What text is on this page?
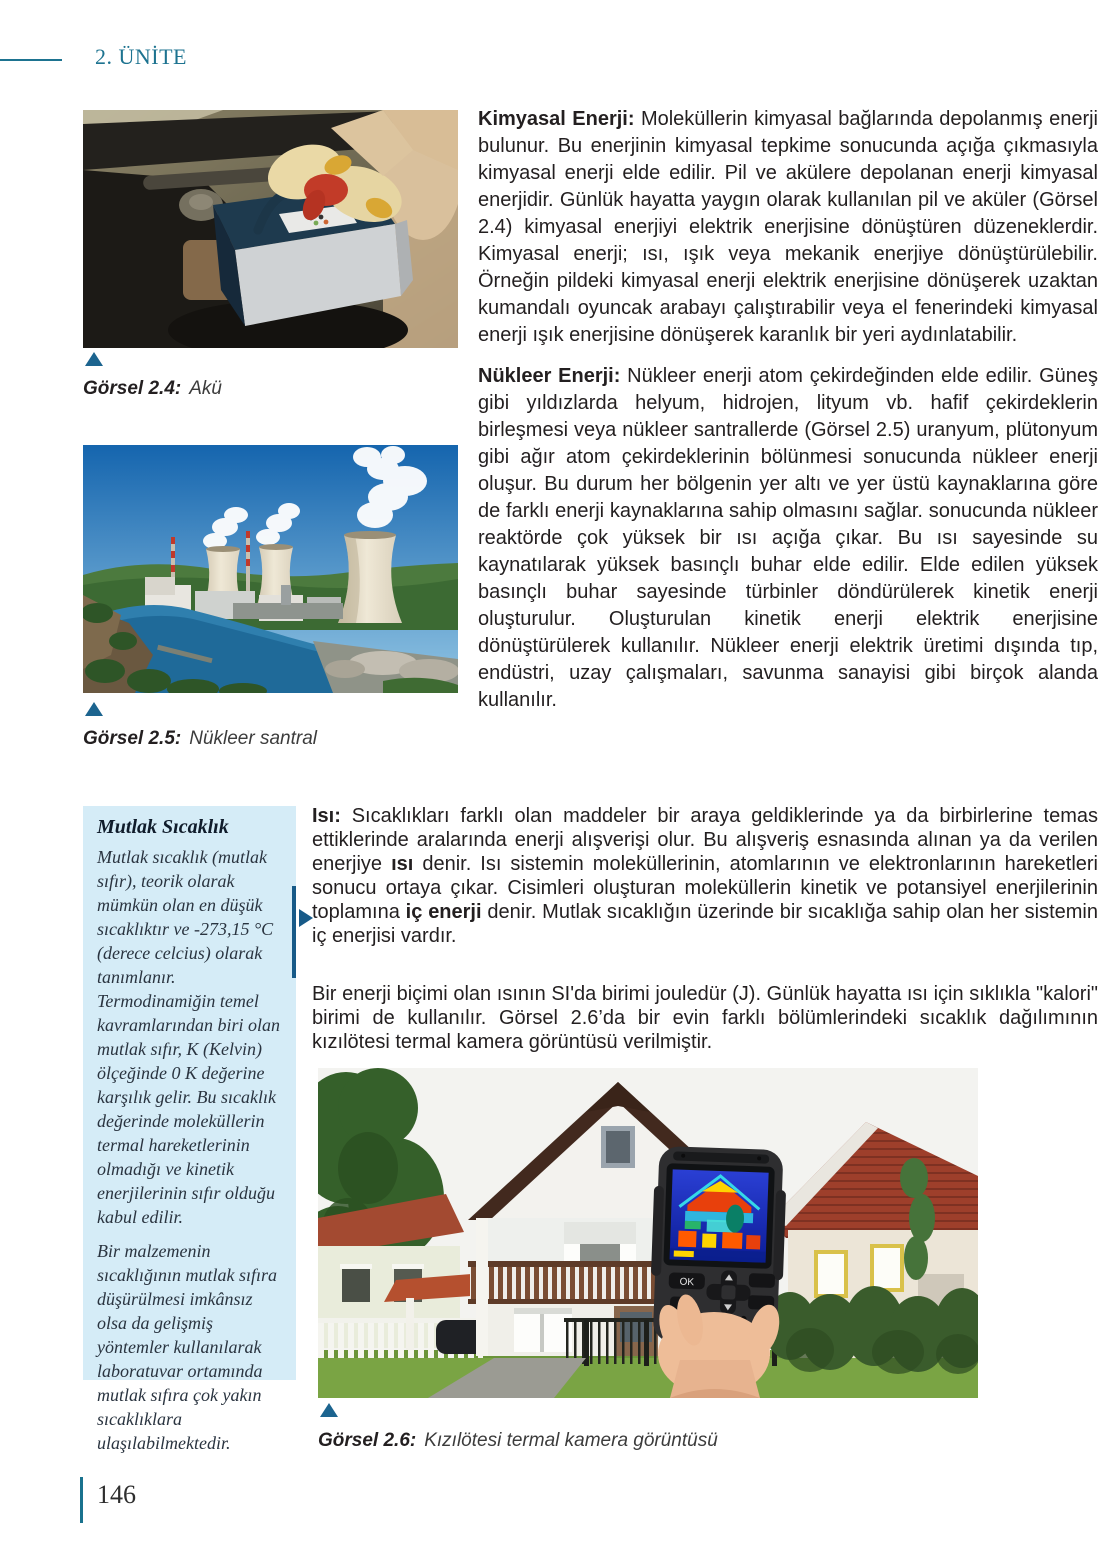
2. ÜNİTE
Görsel 2.4: Akü
Görsel 2.5: Nükleer santral

Kimyasal Enerji: Moleküllerin kimyasal bağlarında depolanmış enerji bulunur. Bu enerjinin kimyasal tepkime sonucunda açığa çıkmasıyla kimyasal enerji elde edilir. Pil ve akülere depolanan enerji kimyasal enerjidir. Günlük hayatta yaygın olarak kullanılan pil ve aküler (Görsel 2.4) kimyasal enerjiyi elektrik enerjisine dönüştüren düzeneklerdir. Kimyasal enerji; ısı, ışık veya mekanik enerjiye dönüştürülebilir. Örneğin pildeki kimyasal enerji elektrik enerjisine dönüşerek uzaktan kumandalı oyuncak arabayı çalıştırabilir veya el fenerindeki kimyasal enerji ışık enerjisine dönüşerek karanlık bir yeri aydınlatabilir.

Nükleer Enerji: Nükleer enerji atom çekirdeğinden elde edilir. Güneş gibi yıldızlarda helyum, hidrojen, lityum vb. hafif çekirdeklerin birleşmesi veya nükleer santrallerde (Görsel 2.5) uranyum, plütonyum gibi ağır atom çekirdeklerinin bölünmesi sonucunda nükleer enerji oluşur. Bu durum her bölgenin yer altı ve yer üstü kaynaklarına göre de farklı enerji kaynaklarına sahip olmasını sağlar. sonucunda nükleer reaktörde çok yüksek bir ısı açığa çıkar. Bu ısı sayesinde su kaynatılarak yüksek basınçlı buhar elde edilir. Elde edilen yüksek basınçlı buhar sayesinde türbinler döndürülerek kinetik enerji oluşturulur. Oluşturulan kinetik enerji elektrik enerjisine dönüştürülerek kullanılır. Nükleer enerji elektrik üretimi dışında tıp, endüstri, uzay çalışmaları, savunma sanayisi gibi birçok alanda kullanılır.

Mutlak Sıcaklık

Mutlak sıcaklık (mutlak sıfır), teorik olarak mümkün olan en düşük sıcaklıktır ve -273,15 °C (derece celcius) olarak tanımlanır. Termodinamiğin temel kavramlarından biri olan mutlak sıfır, K (Kelvin) ölçeğinde 0 K değerine karşılık gelir. Bu sıcaklık değerinde moleküllerin termal hareketlerinin olmadığı ve kinetik enerjilerinin sıfır olduğu kabul edilir.

Bir malzemenin sıcaklığının mutlak sıfıra düşürülmesi imkânsız olsa da gelişmiş yöntemler kullanılarak laboratuvar ortamında mutlak sıfıra çok yakın sıcaklıklara ulaşılabilmektedir.

Isı: Sıcaklıkları farklı olan maddeler bir araya geldiklerinde ya da birbirlerine temas ettiklerinde aralarında enerji alışverişi olur. Bu alışveriş esnasında alınan ya da verilen enerjiye ısı denir. Isı sistemin moleküllerinin, atomlarının ve elektronlarının hareketleri sonucu ortaya çıkar. Cisimleri oluşturan moleküllerin kinetik ve potansiyel enerjilerinin toplamına iç enerji denir. Mutlak sıcaklığın üzerinde bir sıcaklığa sahip olan her sistemin iç enerjisi vardır.

Bir enerji biçimi olan ısının SI'da birimi jouledür (J). Günlük hayatta ısı için sıklıkla "kalori" birimi de kullanılır. Görsel 2.6’da bir evin farklı bölümlerindeki sıcaklık dağılımının kızılötesi termal kamera görüntüsü verilmiştir.

OK
Görsel 2.6: Kızılötesi termal kamera görüntüsü
146
